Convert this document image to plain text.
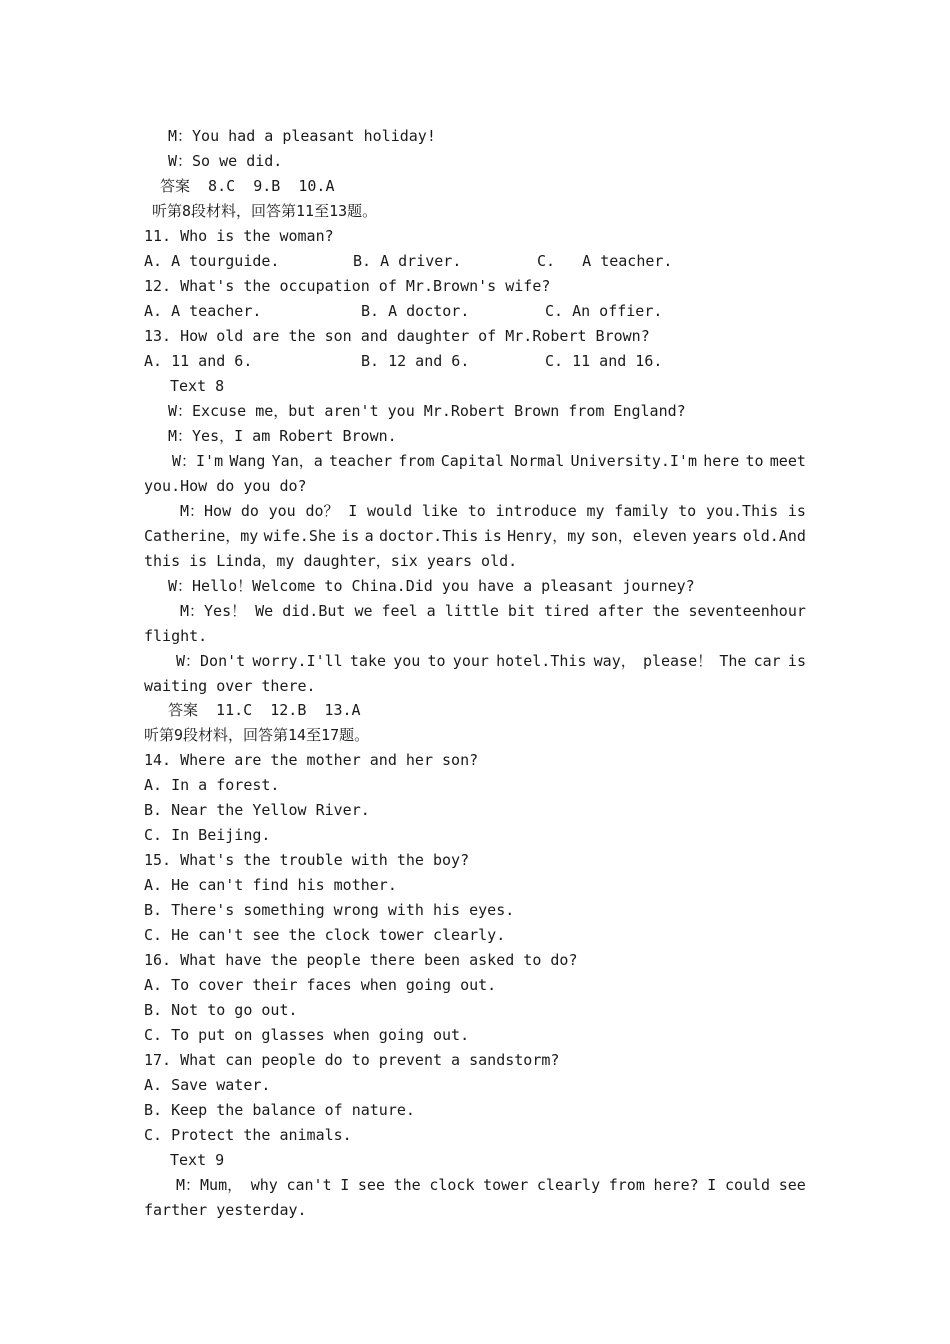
M：You had a pleasant holiday!
W：So we did.
答案  8.C  9.B  10.A
听第8段材料，回答第11至13题。
11. Who is the woman?
A. A tourguide.	B. A driver.	C.   A teacher.
12. What's the occupation of Mr.Brown's wife?
A. A teacher.	B. A doctor.	C. An offier.
13. How old are the son and daughter of Mr.Robert Brown?
A. 11 and 6.	B. 12 and 6.	C. 11 and 16.
Text 8
W：Excuse me，but aren't you Mr.Robert Brown from England?
M：Yes，I am Robert Brown.
W：I'm Wang Yan，a teacher from Capital Normal University.I'm here to meet
you.How do you do?
M：How do you do？ I would like to introduce my family to you.This is
Catherine，my wife.She is a doctor.This is Henry，my son，eleven years old.And
this is Linda，my daughter，six years old.
W：Hello！Welcome to China.Did you have a pleasant journey?
M：Yes！ We did.But we feel a little bit tired after the seventeenhour
flight.
W：Don't worry.I'll take you to your hotel.This way， please！ The car is
waiting over there.
答案  11.C  12.B  13.A
听第9段材料，回答第14至17题。
14. Where are the mother and her son?
A. In a forest.
B. Near the Yellow River.
C. In Beijing.
15. What's the trouble with the boy?
A. He can't find his mother.
B. There's something wrong with his eyes.
C. He can't see the clock tower clearly.
16. What have the people there been asked to do?
A. To cover their faces when going out.
B. Not to go out.
C. To put on glasses when going out.
17. What can people do to prevent a sandstorm?
A. Save water.
B. Keep the balance of nature.
C. Protect the animals.
Text 9
M：Mum， why can't I see the clock tower clearly from here? I could see
farther yesterday.
